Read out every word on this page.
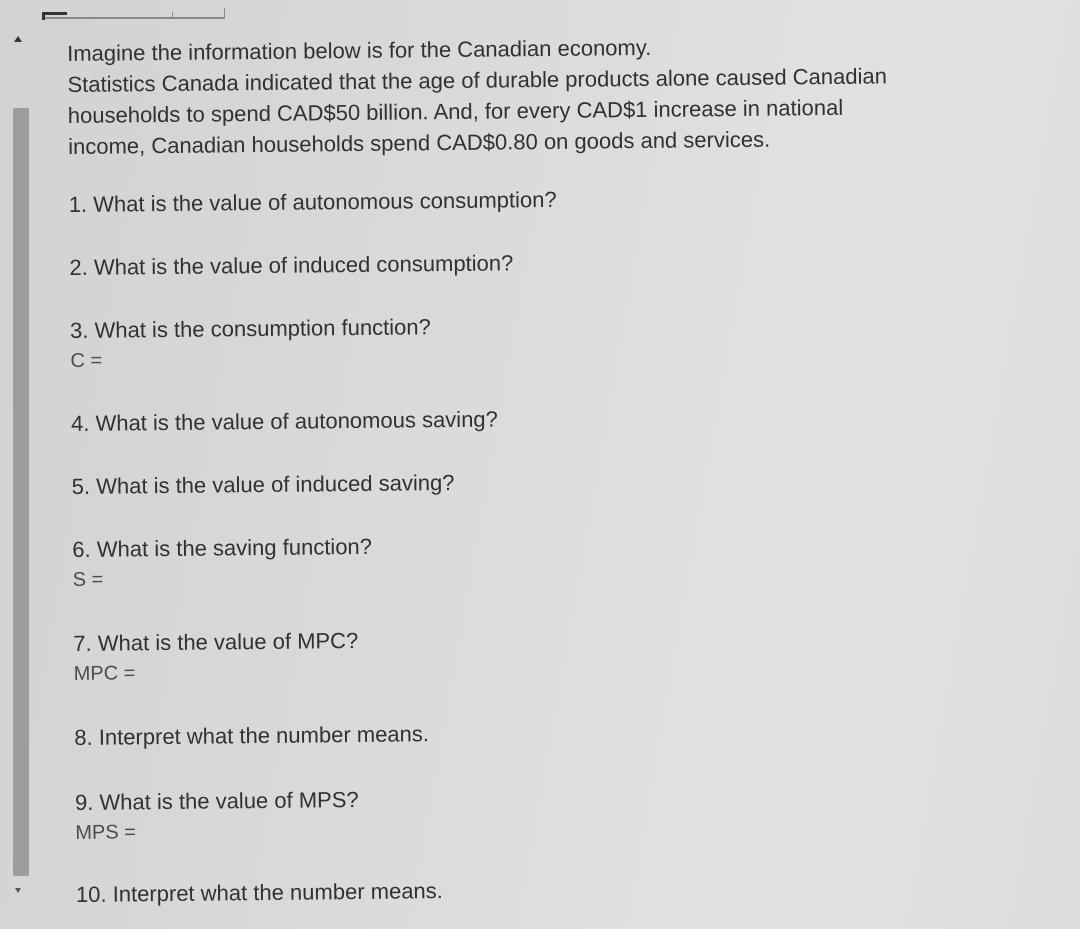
Imagine the information below is for the Canadian economy.

Statistics Canada indicated that the age of durable products alone caused Canadian

households to spend CAD$50 billion. And, for every CAD$1 increase in national

income, Canadian households spend CAD$0.80 on goods and services.

1. What is the value of autonomous consumption?
2. What is the value of induced consumption?
3. What is the consumption function?
C =
4. What is the value of autonomous saving?
5. What is the value of induced saving?
6. What is the saving function?
S =
7. What is the value of MPC?
MPC =
8. Interpret what the number means.
9. What is the value of MPS?
MPS =
10. Interpret what the number means.
